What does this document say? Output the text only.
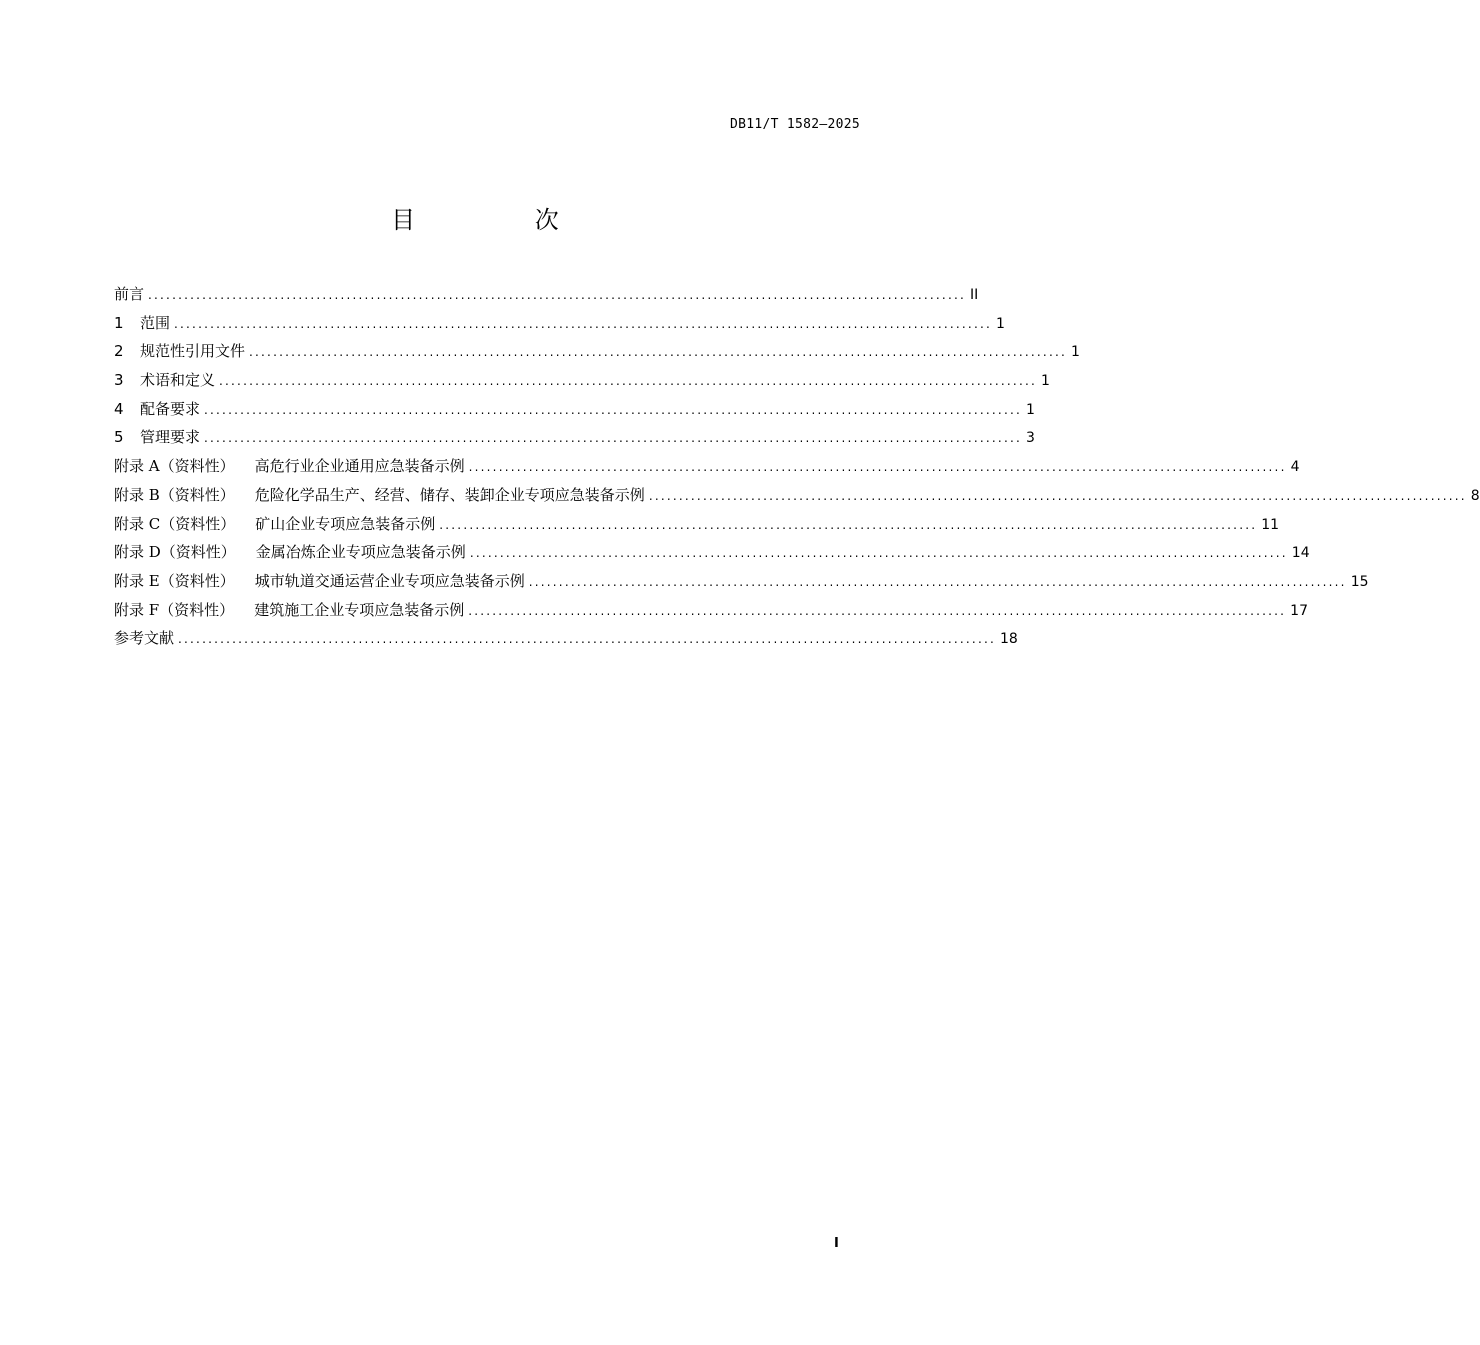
DB11/T 1582—2025
目 次
前言 ........................................................................................................................................ II
1	范围 ........................................................................................................................................ 1
2	规范性引用文件 ........................................................................................................................................ 1
3	术语和定义 ........................................................................................................................................ 1
4	配备要求 ........................................................................................................................................ 1
5	管理要求 ........................................................................................................................................ 3
附录 A（资料性） 高危行业企业通用应急装备示例 ........................................................................................................................................ 4
附录 B（资料性） 危险化学品生产、经营、储存、装卸企业专项应急装备示例 ........................................................................................................................................ 8
附录 C（资料性） 矿山企业专项应急装备示例 ........................................................................................................................................ 11
附录 D（资料性） 金属冶炼企业专项应急装备示例 ........................................................................................................................................ 14
附录 E（资料性） 城市轨道交通运营企业专项应急装备示例 ........................................................................................................................................ 15
附录 F（资料性） 建筑施工企业专项应急装备示例 ........................................................................................................................................ 17
参考文献 ........................................................................................................................................ 18
I
